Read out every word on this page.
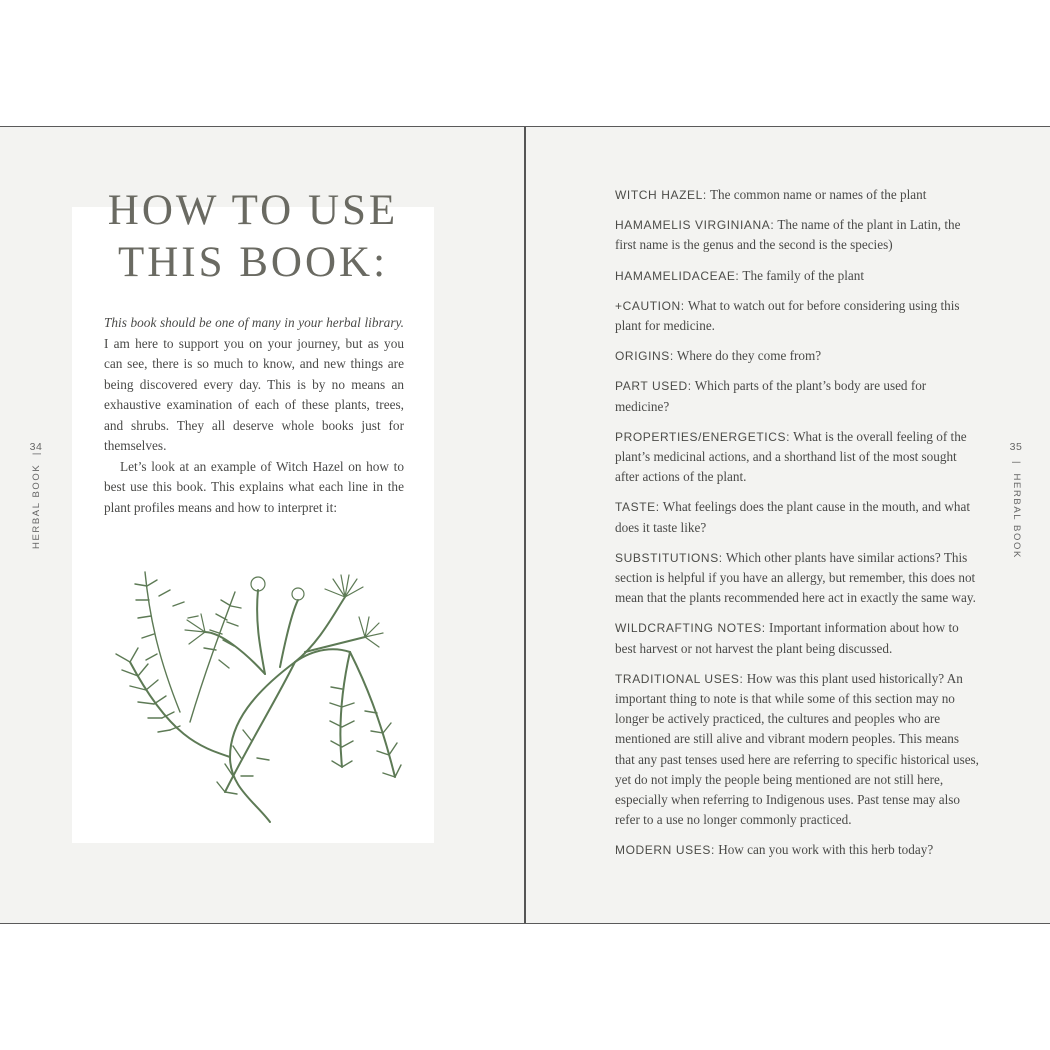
HOW TO USE
THIS BOOK:

This book should be one of many in your herbal library. I am here to support you on your journey, but as you can see, there is so much to know, and new things are being discovered every day. This is by no means an exhaustive examination of each of these plants, trees, and shrubs. They all deserve whole books just for themselves.

Let’s look at an example of Witch Hazel on how to best use this book. This explains what each line in the plant profiles means and how to interpret it:

34
HERBAL BOOK  |
WITCH HAZEL: The common name or names of the plant
HAMAMELIS VIRGINIANA: The name of the plant in Latin, the first name is the genus and the second is the species)
HAMAMELIDACEAE: The family of the plant
+CAUTION: What to watch out for before considering using this plant for medicine.
ORIGINS: Where do they come from?
PART USED: Which parts of the plant’s body are used for medicine?
PROPERTIES/ENERGETICS: What is the overall feeling of the plant’s medicinal actions, and a shorthand list of the most sought after actions of the plant.
TASTE: What feelings does the plant cause in the mouth, and what does it taste like?
SUBSTITUTIONS: Which other plants have similar actions? This section is helpful if you have an allergy, but remember, this does not mean that the plants recommended here act in exactly the same way.
WILDCRAFTING NOTES: Important information about how to best harvest or not harvest the plant being discussed.
TRADITIONAL USES: How was this plant used historically? An important thing to note is that while some of this section may no longer be actively practiced, the cultures and peoples who are mentioned are still alive and vibrant modern peoples. This means that any past tenses used here are referring to specific historical uses, yet do not imply the people being mentioned are not still here, especially when referring to Indigenous uses. Past tense may also refer to a use no longer commonly practiced.
MODERN USES: How can you work with this herb today?
35
|  HERBAL BOOK
